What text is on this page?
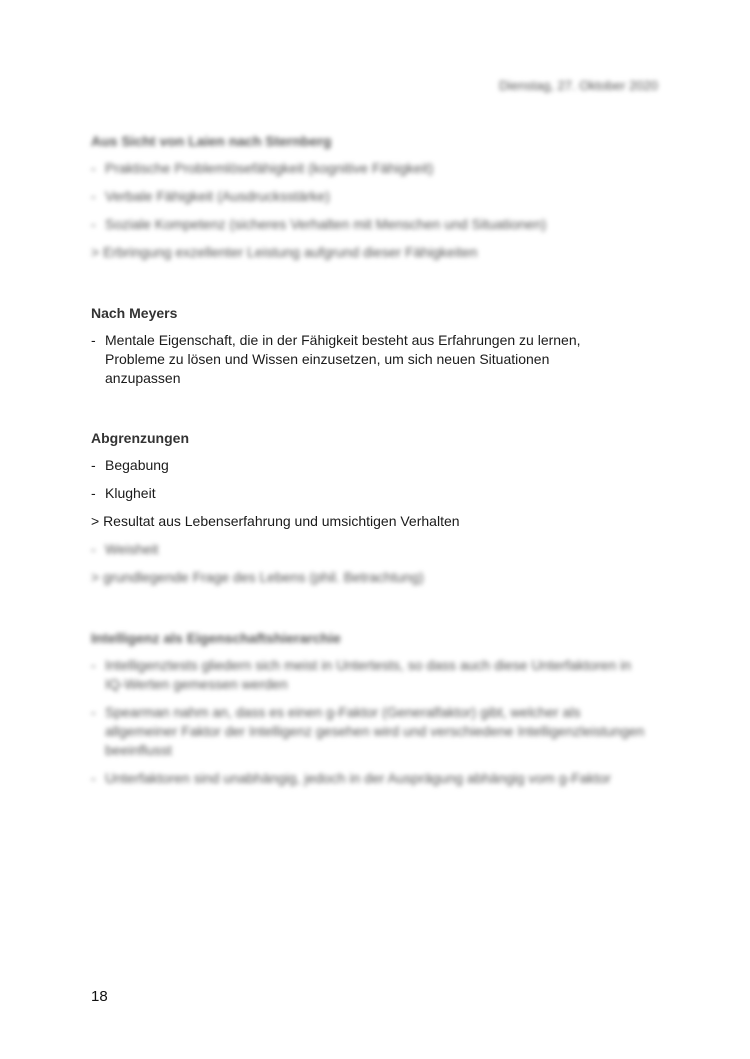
Dienstag, 27. Oktober 2020
Aus Sicht von Laien nach Sternberg
- Praktische Problemlösefähigkeit (kognitive Fähigkeit)
- Verbale Fähigkeit (Ausdrucksstärke)
- Soziale Kompetenz (sicheres Verhalten mit Menschen und Situationen)
> Erbringung exzellenter Leistung aufgrund dieser Fähigkeiten
Nach Meyers
- Mentale Eigenschaft, die in der Fähigkeit besteht aus Erfahrungen zu lernen, Probleme zu lösen und Wissen einzusetzen, um sich neuen Situationen anzupassen
Abgrenzungen
- Begabung
- Klugheit
> Resultat aus Lebenserfahrung und umsichtigen Verhalten
- Weisheit
> grundlegende Frage des Lebens (phil. Betrachtung)
Intelligenz als Eigenschaftshierarchie
- Intelligenztests gliedern sich meist in Untertests, so dass auch diese Unterfaktoren in IQ-Werten gemessen werden
- Spearman nahm an, dass es einen g-Faktor (Generalfaktor) gibt, welcher als allgemeiner Faktor der Intelligenz gesehen wird und verschiedene Intelligenzleistungen beeinflusst
- Unterfaktoren sind unabhängig, jedoch in der Ausprägung abhängig vom g-Faktor
18
